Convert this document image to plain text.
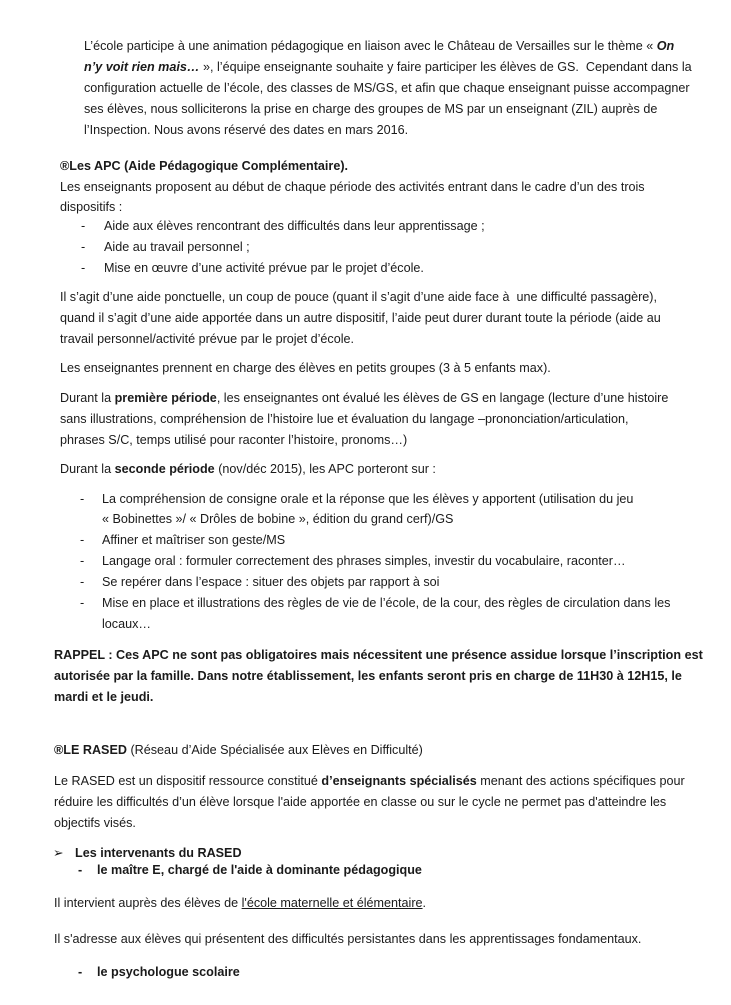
L’école participe à une animation pédagogique en liaison avec le Château de Versailles sur le thème « On

n’y voit rien mais… », l’équipe enseignante souhaite y faire participer les élèves de GS.  Cependant dans la

configuration actuelle de l’école, des classes de MS/GS, et afin que chaque enseignant puisse accompagner

ses élèves, nous solliciterons la prise en charge des groupes de MS par un enseignant (ZIL) auprès de

l’Inspection. Nous avons réservé des dates en mars 2016.

®Les APC (Aide Pédagogique Complémentaire).

Les enseignants proposent au début de chaque période des activités entrant dans le cadre d’un des trois

dispositifs :

- Aide aux élèves rencontrant des difficultés dans leur apprentissage ;

- Aide au travail personnel ;

- Mise en œuvre d’une activité prévue par le projet d’école.

Il s’agit d’une aide ponctuelle, un coup de pouce (quant il s’agit d’une aide face à  une difficulté passagère),

quand il s’agit d’une aide apportée dans un autre dispositif, l’aide peut durer durant toute la période (aide au

travail personnel/activité prévue par le projet d’école.

Les enseignantes prennent en charge des élèves en petits groupes (3 à 5 enfants max).

Durant la première période, les enseignantes ont évalué les élèves de GS en langage (lecture d’une histoire

sans illustrations, compréhension de l’histoire lue et évaluation du langage –prononciation/articulation,

phrases S/C, temps utilisé pour raconter l’histoire, pronoms…)

Durant la seconde période (nov/déc 2015), les APC porteront sur :

- La compréhension de consigne orale et la réponse que les élèves y apportent (utilisation du jeu

« Bobinettes »/ « Drôles de bobine », édition du grand cerf)/GS

- Affiner et maîtriser son geste/MS

- Langage oral : formuler correctement des phrases simples, investir du vocabulaire, raconter…

- Se repérer dans l’espace : situer des objets par rapport à soi

- Mise en place et illustrations des règles de vie de l’école, de la cour, des règles de circulation dans les

locaux…

RAPPEL : Ces APC ne sont pas obligatoires mais nécessitent une présence assidue lorsque l’inscription est

autorisée par la famille. Dans notre établissement, les enfants seront pris en charge de 11H30 à 12H15, le

mardi et le jeudi.

®LE RASED (Réseau d’Aide Spécialisée aux Elèves en Difficulté)

Le RASED est un dispositif ressource constitué d’enseignants spécialisés menant des actions spécifiques pour

réduire les difficultés d’un élève lorsque l'aide apportée en classe ou sur le cycle ne permet pas d'atteindre les

objectifs visés.

➢ Les intervenants du RASED

- le maître E, chargé de l'aide à dominante pédagogique

Il intervient auprès des élèves de l'école maternelle et élémentaire.

Il s'adresse aux élèves qui présentent des difficultés persistantes dans les apprentissages fondamentaux.

- le psychologue scolaire
